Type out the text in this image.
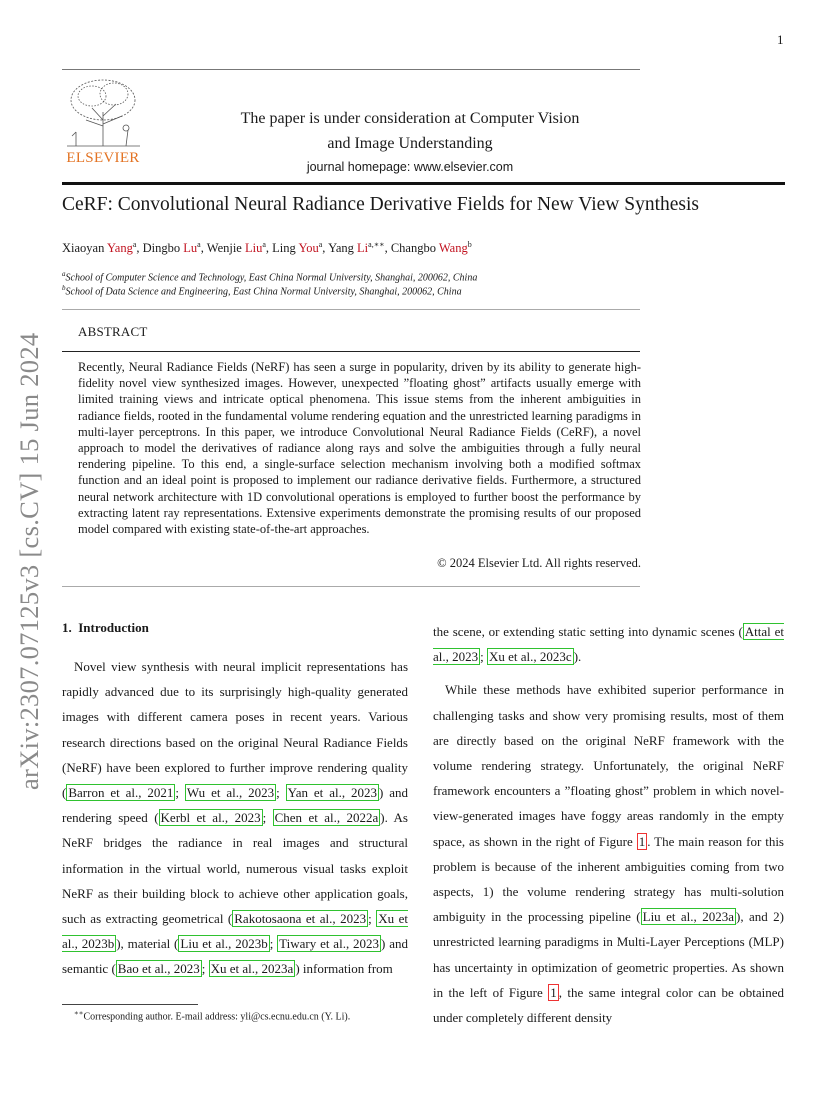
1
ELSEVIER
The paper is under consideration at Computer Vision
and Image Understanding
journal homepage: www.elsevier.com
CeRF: Convolutional Neural Radiance Derivative Fields for New View Synthesis
Xiaoyan Yang$^a$, Dingbo Lu$^a$, Wenjie Liu$^a$, Ling You$^a$, Yang $Li^{a,∗∗}$, Changbo Wang$^b$
$^a$School of Computer Science and Technology, East China Normal University, Shanghai, 200062, China
$^b$School of Data Science and Engineering, East China Normal University, Shanghai, 200062, China
ABSTRACT
Recently, Neural Radiance Fields (NeRF) has seen a surge in popularity, driven by its ability to generate high-fidelity novel view synthesized images. However, unexpected ”floating ghost” artifacts usually emerge with limited training views and intricate optical phenomena. This issue stems from the inherent ambiguities in radiance fields, rooted in the fundamental volume rendering equation and the unrestricted learning paradigms in multi-layer perceptrons. In this paper, we introduce Convolutional Neural Radiance Fields (CeRF), a novel approach to model the derivatives of radiance along rays and solve the ambiguities through a fully neural rendering pipeline. To this end, a single-surface selection mechanism involving both a modified softmax function and an ideal point is proposed to implement our radiance derivative fields. Furthermore, a structured neural network architecture with 1D convolutional operations is employed to further boost the performance by extracting latent ray representations. Extensive experiments demonstrate the promising results of our proposed model compared with existing state-of-the-art approaches.
© 2024 Elsevier Ltd. All rights reserved.
arXiv:2307.07125v3 [cs.CV] 15 Jun 2024 1. Introduction

Novel view synthesis with neural implicit representations has rapidly advanced due to its surprisingly high-quality generated images with different camera poses in recent years. Various research directions based on the original Neural Radiance Fields (NeRF) have been explored to further improve rendering quality ( Barron et al., 2021 ; Wu et al., 2023 ; Yan et al., 2023 ) and rendering speed ( Kerbl et al., 2023 ; Chen et al., 2022a ). As NeRF bridges the radiance in real images and structural information in the virtual world, numerous visual tasks exploit NeRF as their building block to achieve other application goals, such as extracting geometrical ( Rakotosaona et al., 2023 ; Xu et al., 2023b ), material ( Liu et al., 2023b ; Tiwary et al., 2023 ) and semantic ( Bao et al., 2023 ; Xu et al., 2023a ) information from

the scene, or extending static setting into dynamic scenes ( Attal et al., 2023 ; Xu et al., 2023c ).

While these methods have exhibited superior performance in challenging tasks and show very promising results, most of them are directly based on the original NeRF framework with the volume rendering strategy. Unfortunately, the original NeRF framework encounters a ”floating ghost” problem in which novel-view-generated images have foggy areas randomly in the empty space, as shown in the right of Figure 1 . The main reason for this problem is because of the inherent ambiguities coming from two aspects, 1) the volume rendering strategy has multi-solution ambiguity in the processing pipeline ( Liu et al., 2023a ), and 2) unrestricted learning paradigms in Multi-Layer Perceptions (MLP) has uncertainty in optimization of geometric properties. As shown in the left of Figure 1 , the same integral color can be obtained under completely different density

∗∗Corresponding author. E-mail address: yli@cs.ecnu.edu.cn (Y. Li).
